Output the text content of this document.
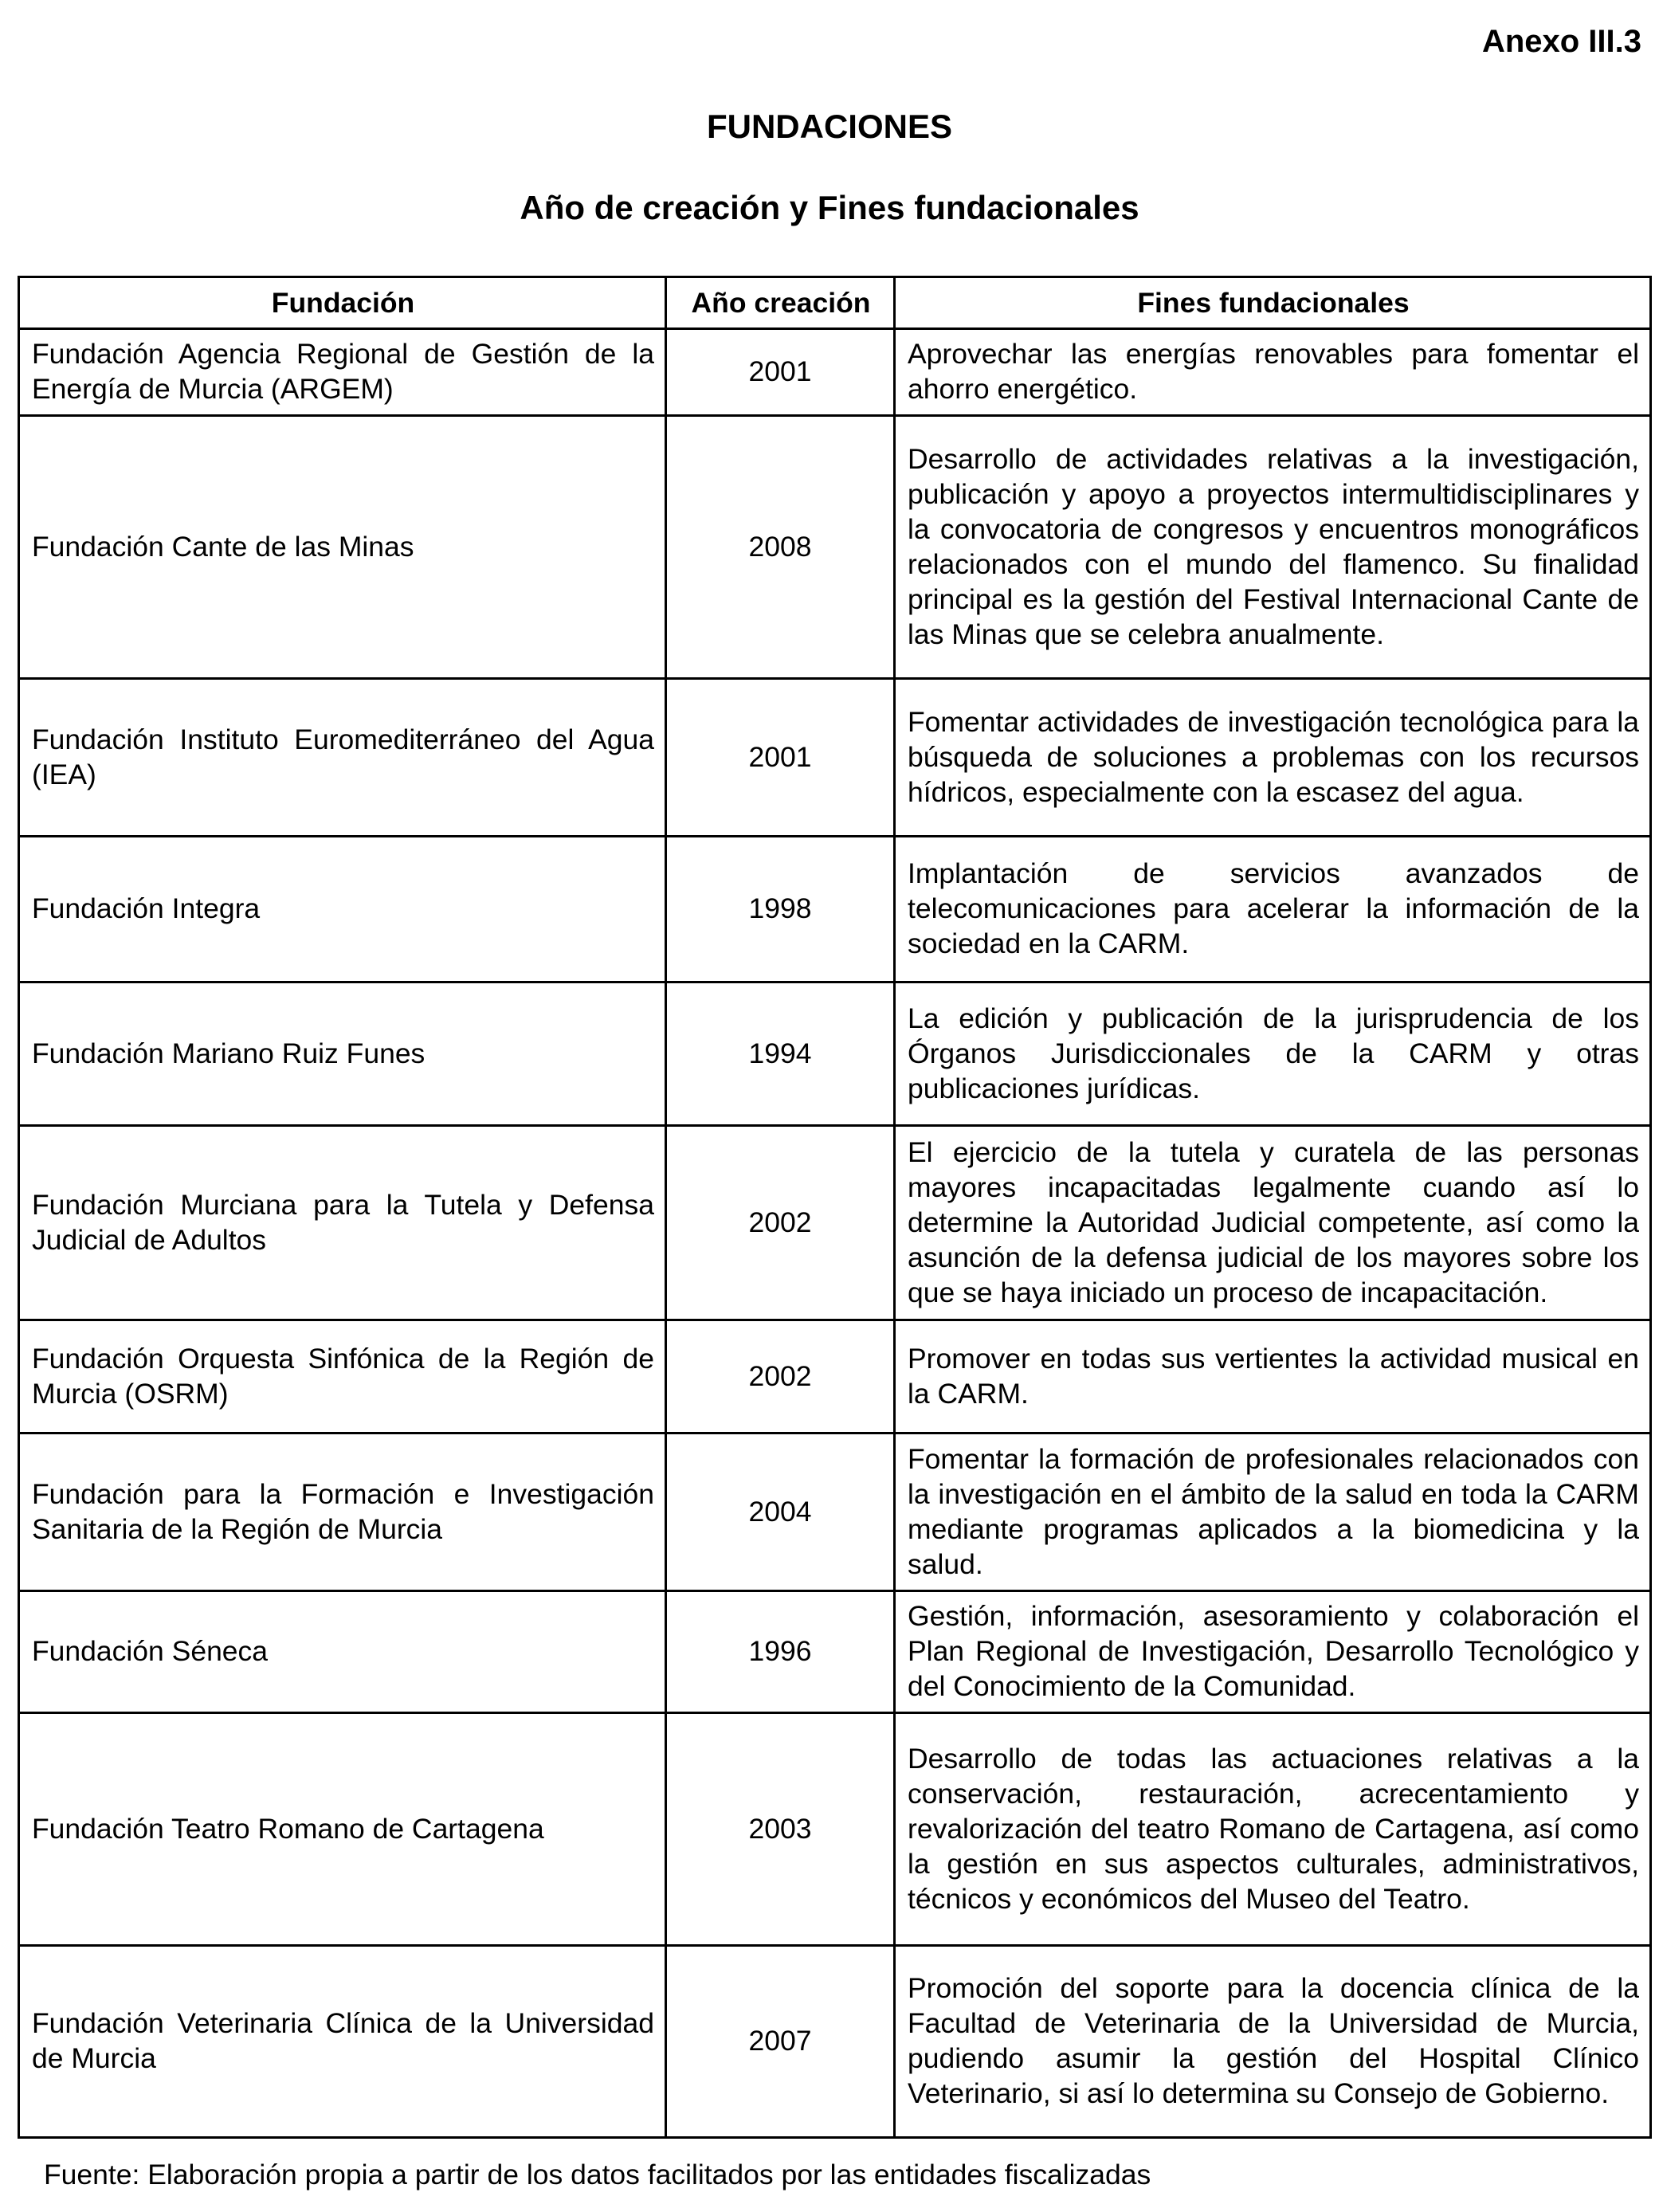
Anexo III.3

FUNDACIONES
Año de creación y Fines fundacionales
Fundación	Año creación	Fines fundacionales
Fundación Agencia Regional de Gestión de la Energía de Murcia (ARGEM)	2001	Aprovechar las energías renovables para fomentar el ahorro energético.
Fundación Cante de las Minas	2008	Desarrollo de actividades relativas a la investigación, publicación y apoyo a proyectos intermultidisciplinares y la convocatoria de congresos y encuentros monográficos relacionados con el mundo del flamenco. Su finalidad principal es la gestión del Festival Internacional Cante de las Minas que se celebra anualmente.
Fundación Instituto Euromediterráneo del Agua (IEA)	2001	Fomentar actividades de investigación tecnológica para la búsqueda de soluciones a problemas con los recursos hídricos, especialmente con la escasez del agua.
Fundación Integra	1998	Implantación de servicios avanzados de telecomunicaciones para acelerar la información de la sociedad en la CARM.
Fundación Mariano Ruiz Funes	1994	La edición y publicación de la jurisprudencia de los Órganos Jurisdiccionales de la CARM y otras publicaciones jurídicas.
Fundación Murciana para la Tutela y Defensa Judicial de Adultos	2002	El ejercicio de la tutela y curatela de las personas mayores incapacitadas legalmente cuando así lo determine la Autoridad Judicial competente, así como la asunción de la defensa judicial de los mayores sobre los que se haya iniciado un proceso de incapacitación.
Fundación Orquesta Sinfónica de la Región de Murcia (OSRM)	2002	Promover en todas sus vertientes la actividad musical en la CARM.
Fundación para la Formación e Investigación Sanitaria de la Región de Murcia	2004	Fomentar la formación de profesionales relacionados con la investigación en el ámbito de la salud en toda la CARM mediante programas aplicados a la biomedicina y la salud.
Fundación Séneca	1996	Gestión, información, asesoramiento y colaboración el Plan Regional de Investigación, Desarrollo Tecnológico y del Conocimiento de la Comunidad.
Fundación Teatro Romano de Cartagena	2003	Desarrollo de todas las actuaciones relativas a la conservación, restauración, acrecentamiento y revalorización del teatro Romano de Cartagena, así como la gestión en sus aspectos culturales, administrativos, técnicos y económicos del Museo del Teatro.
Fundación Veterinaria Clínica de la Universidad de Murcia	2007	Promoción del soporte para la docencia clínica de la Facultad de Veterinaria de la Universidad de Murcia, pudiendo asumir la gestión del Hospital Clínico Veterinario, si así lo determina su Consejo de Gobierno.

Fuente: Elaboración propia a partir de los datos facilitados por las entidades fiscalizadas
